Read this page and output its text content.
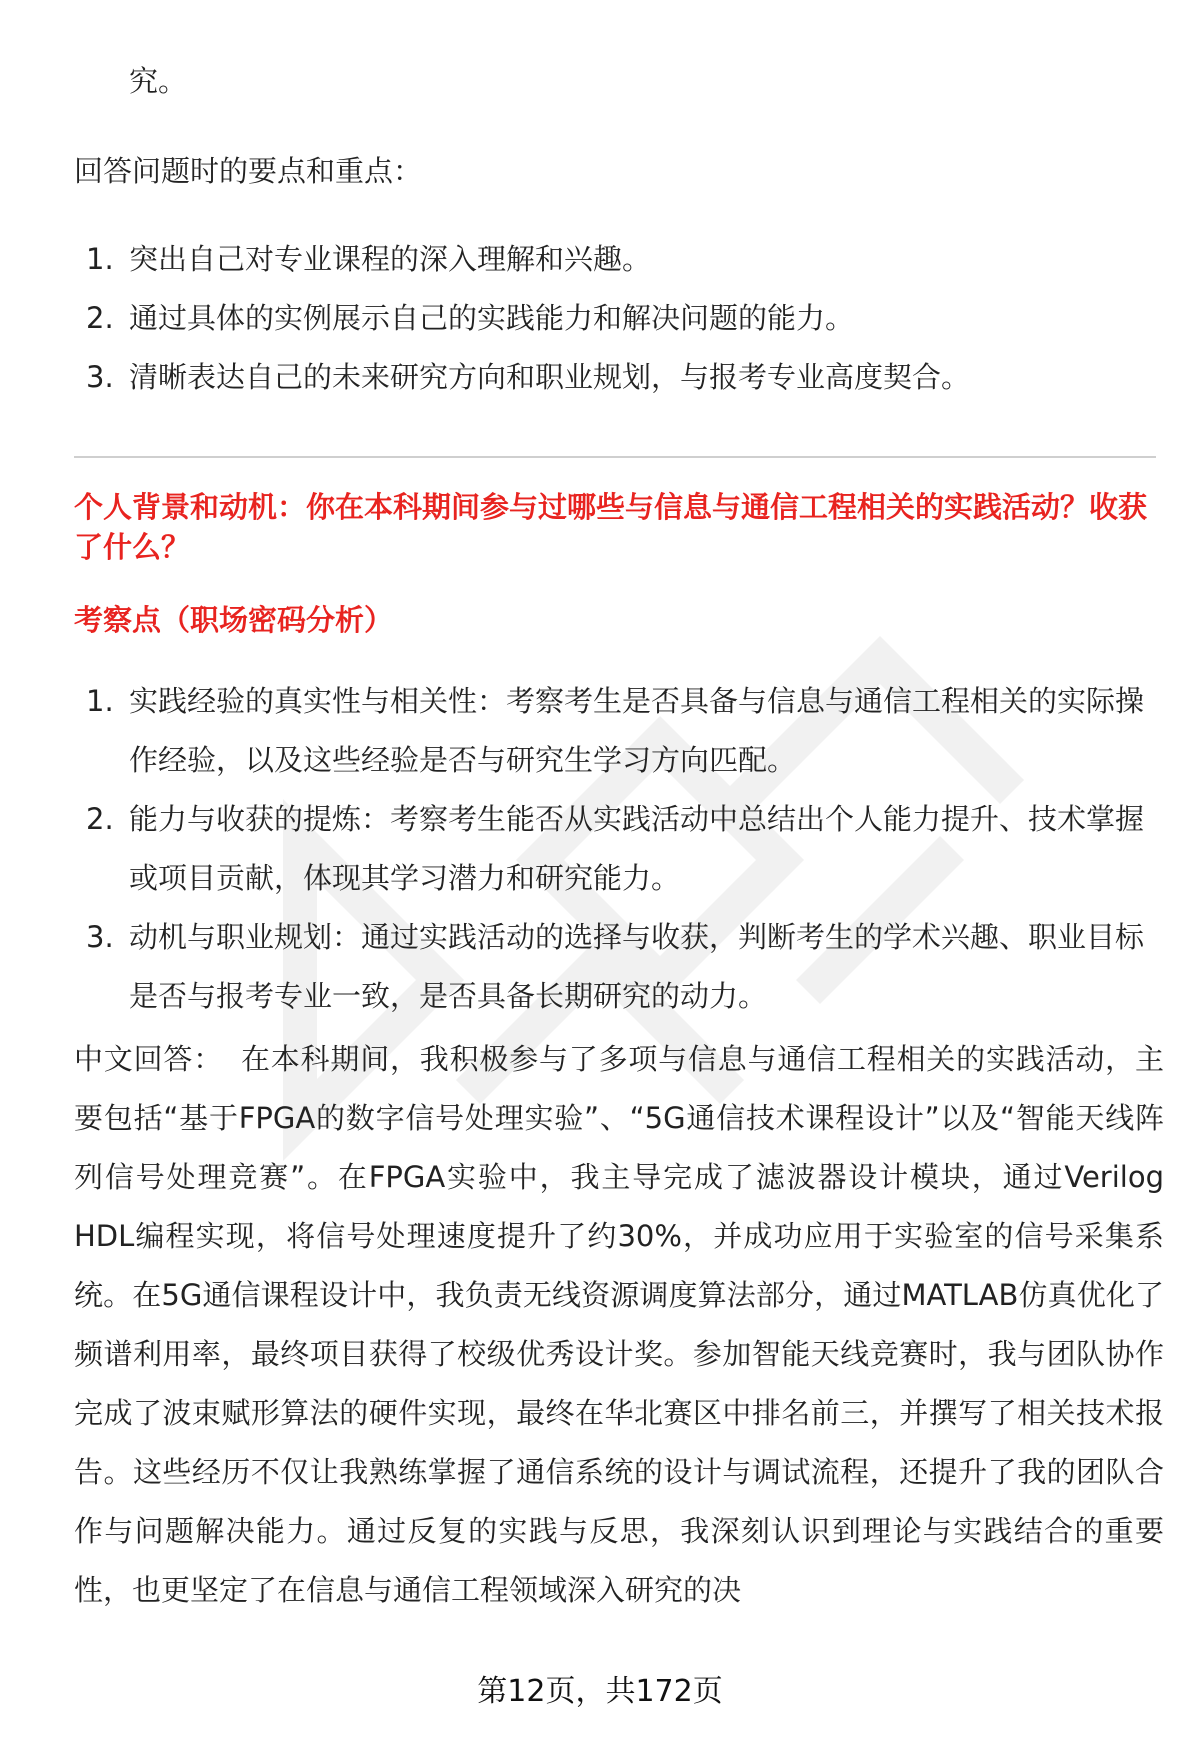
究。
回答问题时的要点和重点：
1. 突出自己对专业课程的深入理解和兴趣。
2. 通过具体的实例展示自己的实践能力和解决问题的能力。
3. 清晰表达自己的未来研究方向和职业规划，与报考专业高度契合。
个人背景和动机：你在本科期间参与过哪些与信息与通信工程相关的实践活动？收获了什么？
考察点（职场密码分析）
1. 实践经验的真实性与相关性：考察考生是否具备与信息与通信工程相关的实际操作经验，以及这些经验是否与研究生学习方向匹配。
2. 能力与收获的提炼：考察考生能否从实践活动中总结出个人能力提升、技术掌握或项目贡献，体现其学习潜力和研究能力。
3. 动机与职业规划：通过实践活动的选择与收获，判断考生的学术兴趣、职业目标是否与报考专业一致，是否具备长期研究的动力。
中文回答： 在本科期间，我积极参与了多项与信息与通信工程相关的实践活动，主要包括“基于FPGA的数字信号处理实验”、“5G通信技术课程设计”以及“智能天线阵列信号处理竞赛”。在FPGA实验中，我主导完成了滤波器设计模块，通过Verilog HDL编程实现，将信号处理速度提升了约30%，并成功应用于实验室的信号采集系统。在5G通信课程设计中，我负责无线资源调度算法部分，通过MATLAB仿真优化了频谱利用率，最终项目获得了校级优秀设计奖。参加智能天线竞赛时，我与团队协作完成了波束赋形算法的硬件实现，最终在华北赛区中排名前三，并撰写了相关技术报告。这些经历不仅让我熟练掌握了通信系统的设计与调试流程，还提升了我的团队合作与问题解决能力。通过反复的实践与反思，我深刻认识到理论与实践结合的重要性，也更坚定了在信息与通信工程领域深入研究的决
第12页，共172页
